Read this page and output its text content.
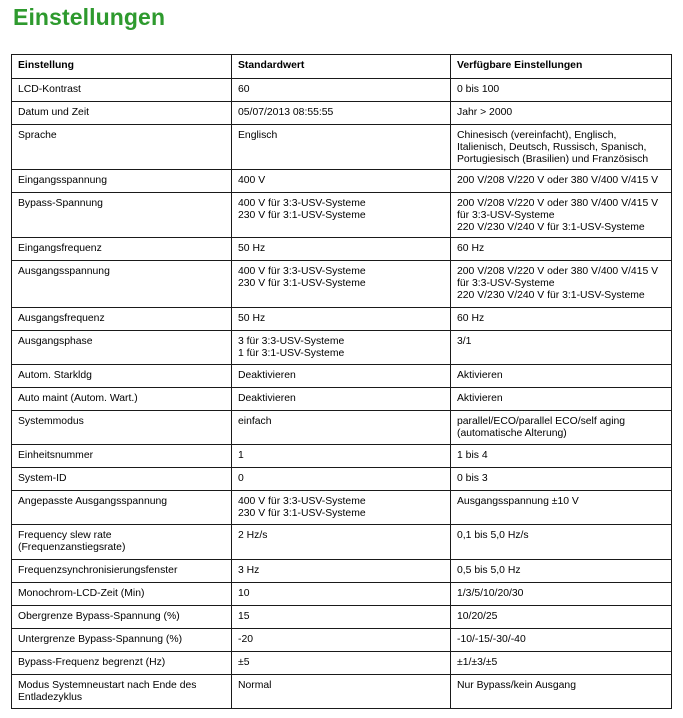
Einstellungen
Einstellung	Standardwert	Verfügbare Einstellungen
LCD-Kontrast	60	0 bis 100
Datum und Zeit	05/07/2013 08:55:55	Jahr > 2000
Sprache	Englisch	Chinesisch (vereinfacht), Englisch,
Italienisch, Deutsch, Russisch, Spanisch,
Portugiesisch (Brasilien) und Französisch
Eingangsspannung	400 V	200 V/208 V/220 V oder 380 V/400 V/415 V
Bypass-Spannung	400 V für 3:3-USV-Systeme
230 V für 3:1-USV-Systeme	200 V/208 V/220 V oder 380 V/400 V/415 V
für 3:3-USV-Systeme
220 V/230 V/240 V für 3:1-USV-Systeme
Eingangsfrequenz	50 Hz	60 Hz
Ausgangsspannung	400 V für 3:3-USV-Systeme
230 V für 3:1-USV-Systeme	200 V/208 V/220 V oder 380 V/400 V/415 V
für 3:3-USV-Systeme
220 V/230 V/240 V für 3:1-USV-Systeme
Ausgangsfrequenz	50 Hz	60 Hz
Ausgangsphase	3 für 3:3-USV-Systeme
1 für 3:1-USV-Systeme	3/1
Autom. Starkldg	Deaktivieren	Aktivieren
Auto maint (Autom. Wart.)	Deaktivieren	Aktivieren
Systemmodus	einfach	parallel/ECO/parallel ECO/self aging
(automatische Alterung)
Einheitsnummer	1	1 bis 4
System-ID	0	0 bis 3
Angepasste Ausgangsspannung	400 V für 3:3-USV-Systeme
230 V für 3:1-USV-Systeme	Ausgangsspannung ±10 V
Frequency slew rate
(Frequenzanstiegsrate)	2 Hz/s	0,1 bis 5,0 Hz/s
Frequenzsynchronisierungsfenster	3 Hz	0,5 bis 5,0 Hz
Monochrom-LCD-Zeit (Min)	10	1/3/5/10/20/30
Obergrenze Bypass-Spannung (%)	15	10/20/25
Untergrenze Bypass-Spannung (%)	-20	-10/-15/-30/-40
Bypass-Frequenz begrenzt (Hz)	±5	±1/±3/±5
Modus Systemneustart nach Ende des
Entladezyklus	Normal	Nur Bypass/kein Ausgang
